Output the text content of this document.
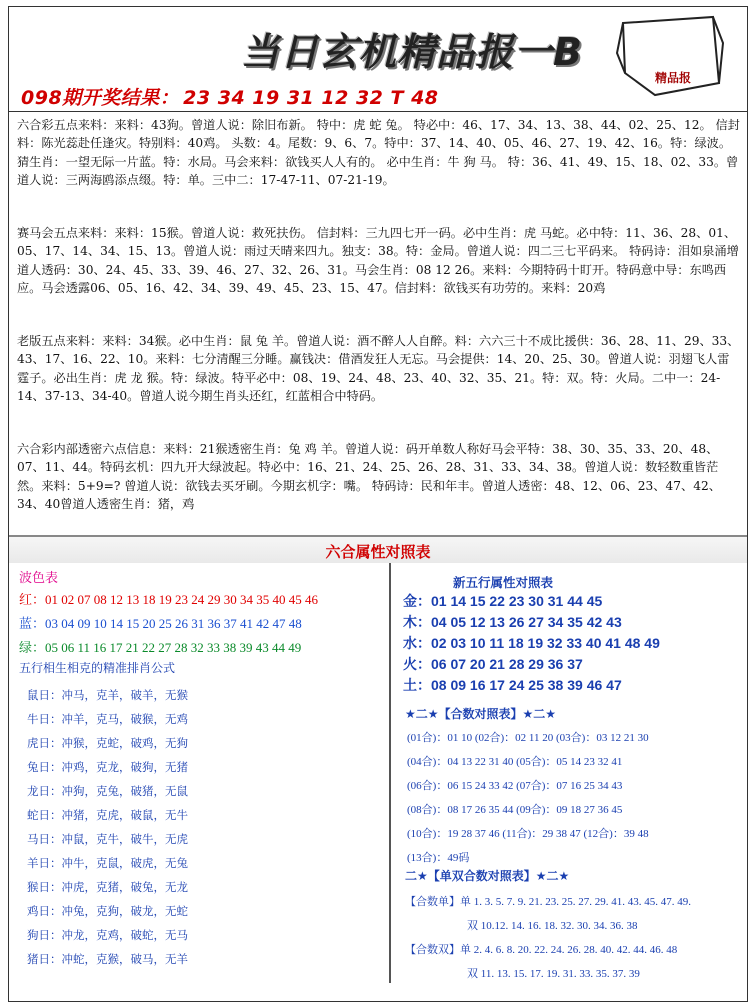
当日玄机精品报一B
精品报
098期开奖结果： 23 34 19 31 12 32 T 48

六合彩五点来料：来料：43狗。曾道人说：除旧布新。 特中：虎 蛇 兔。 特必中：46、17、34、13、38、44、02、25、12。 信封料：陈光蕊赴任逢灾。特别料：40鸡。 头数：4。尾数：9、6、7。特中：37、14、40、05、46、27、19、42、16。特：绿波。猜生肖：一望无际一片蓝。特：水局。马会来料：欲钱买人人有的。 必中生肖：牛 狗 马。 特：36、41、49、15、18、02、33。曾道人说：三两海鸥添点缀。特：单。三中二：17-47-11、07-21-19。

赛马会五点来料：来料：15猴。曾道人说：救死扶伤。 信封料：三九四七开一码。必中生肖：虎 马蛇。必中特：11、36、28、01、05、17、14、34、15、13。曾道人说：雨过天晴来四九。独支：38。特：金局。曾道人说：四二三七平码来。 特码诗：泪如泉涌增道人透码：30、24、45、33、39、46、27、32、26、31。马会生肖：08 12 26。来料：今期特码十盯开。特码意中导：东鸣西应。马会透露06、05、16、42、34、39、49、45、23、15、47。信封料：欲钱买有功劳的。来料：20鸡

老版五点来料：来料：34猴。必中生肖：鼠 兔 羊。曾道人说：酒不醉人人自醉。料：六六三十不成比援供：36、28、11、29、33、43、17、16、22、10。来料：七分清醒三分睡。赢钱决：借酒发狂人无忘。马会提供：14、20、25、30。曾道人说：羽翅飞人雷霆子。必出生肖：虎 龙 猴。特：绿波。特平必中：08、19、24、48、23、40、32、35、21。特：双。特：火局。二中一：24-14、37-13、34-40。曾道人说今期生肖头还红，红蓝相合中特码。

六合彩内部透密六点信息：来料：21猴透密生肖：兔 鸡 羊。曾道人说：码开单数人称好马会平特：38、30、35、33、20、48、07、11、44。特码玄机：四九开大绿波起。特必中：16、21、24、25、26、28、31、33、34、38。曾道人说：数轻数重皆茫然。来料：5+9=? 曾道人说：欲钱去买牙刷。今期玄机字：嘴。 特码诗：民和年丰。曾道人透密：48、12、06、23、47、42、34、40曾道人透密生肖：猪，鸡

六合属性对照表
波色表
红：01 02 07 08 12 13 18 19 23 24 29 30 34 35 40 45 46
蓝：03 04 09 10 14 15 20 25 26 31 36 37 41 42 47 48
绿：05 06 11 16 17 21 22 27 28 32 33 38 39 43 44 49
五行相生相克的精准排肖公式
鼠日：冲马，克羊，破羊，无猴
牛日：冲羊，克马，破猴，无鸡
虎日：冲猴，克蛇，破鸡，无狗
兔日：冲鸡，克龙，破狗，无猪
龙日：冲狗，克兔，破猪，无鼠
蛇日：冲猪，克虎，破鼠，无牛
马日：冲鼠，克牛，破牛，无虎
羊日：冲牛，克鼠，破虎，无兔
猴日：冲虎，克猪，破兔，无龙
鸡日：冲兔，克狗，破龙，无蛇
狗日：冲龙，克鸡，破蛇，无马
猪日：冲蛇，克猴，破马，无羊
新五行属性对照表
金：01 14 15 22 23 30 31 44 45
木：04 05 12 13 26 27 34 35 42 43
水：02 03 10 11 18 19 32 33 40 41 48 49
火：06 07 20 21 28 29 36 37
土：08 09 16 17 24 25 38 39 46 47
★二★【合数对照表】★二★
(01合)：01 10 (02合)：02 11 20 (03合)：03 12 21 30
(04合)：04 13 22 31 40 (05合)：05 14 23 32 41
(06合)：06 15 24 33 42 (07合)：07 16 25 34 43
(08合)：08 17 26 35 44 (09合)：09 18 27 36 45
(10合)：19 28 37 46 (11合)：29 38 47 (12合)：39 48
(13合)：49码
二★【单双合数对照表】★二★
【合数单】单 1. 3. 5. 7. 9. 21. 23. 25. 27. 29. 41. 43. 45. 47. 49.
双 10.12. 14. 16. 18. 32. 30. 34. 36. 38
【合数双】单 2. 4. 6. 8. 20. 22. 24. 26. 28. 40. 42. 44. 46. 48
双 11. 13. 15. 17. 19. 31. 33. 35. 37. 39
